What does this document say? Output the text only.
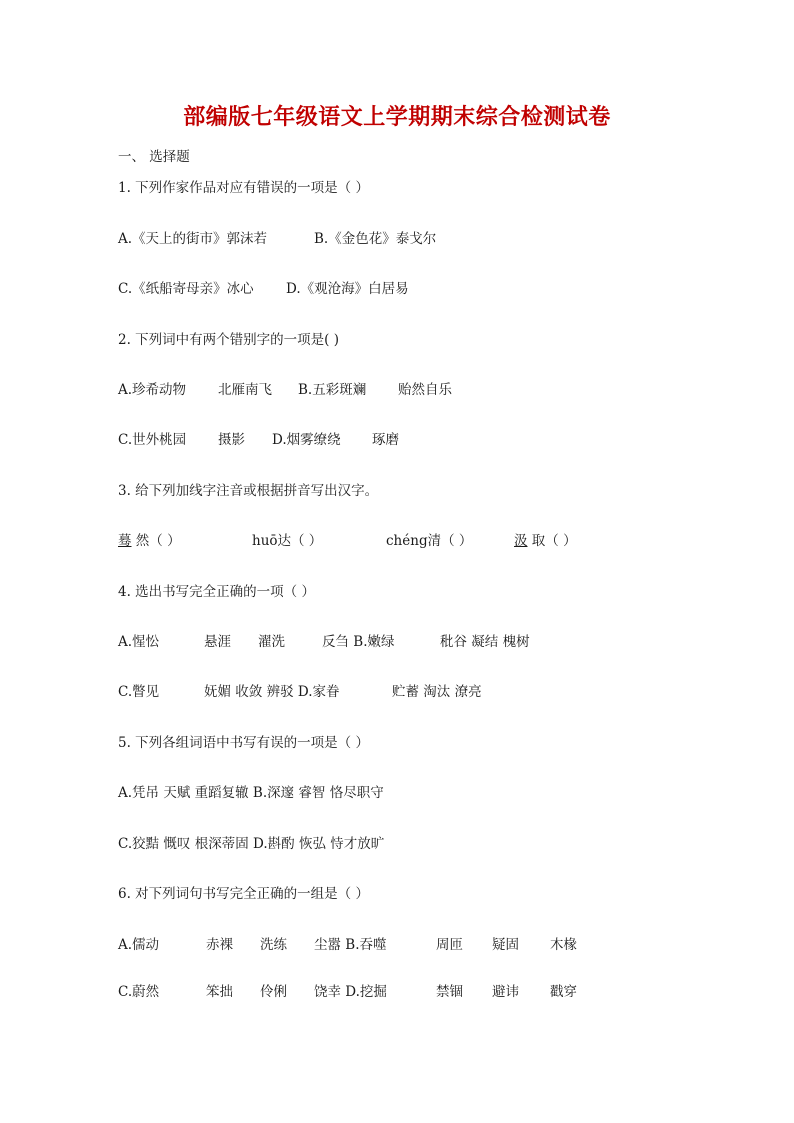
部编版七年级语文上学期期末综合检测试卷
一、 选择题
1. 下列作家作品对应有错误的一项是（ ）
A.《天上的街市》郭沫若	B.《金色花》泰戈尔
C.《纸船寄母亲》冰心 D.《观沧海》白居易
2. 下列词中有两个错别字的一项是( )
A.珍希动物 北雁南飞 B.五彩斑斓 贻然自乐
C.世外桃园 摄影 D.烟雾缭绕 琢磨
3. 给下列加线字注音或根据拼音写出汉字。
蓦 然（ ）	huō达（ ）	chéng清（ ）	汲 取（ ）
4. 选出书写完全正确的一项（ ）
A.惺忪	悬涯 濯洗	反刍 B.嫩绿	秕谷 凝结 槐树
C.瞥见	妩媚 收敛 辨驳 D.家眷	贮蓄 淘汰 潦亮
5. 下列各组词语中书写有误的一项是（ ）
A.凭吊 天赋 重蹈复辙 B.深邃 睿智 恪尽职守
C.狡黠 慨叹 根深蒂固 D.斟酌 恢弘 恃才放旷
6. 对下列词句书写完全正确的一组是（ ）
A.儒动	赤裸 洗练 尘嚣 B.吞噬	周匝 疑固 木椽
C.蔚然	笨拙 伶俐 饶幸 D.挖掘	禁锢 避讳 戳穿
